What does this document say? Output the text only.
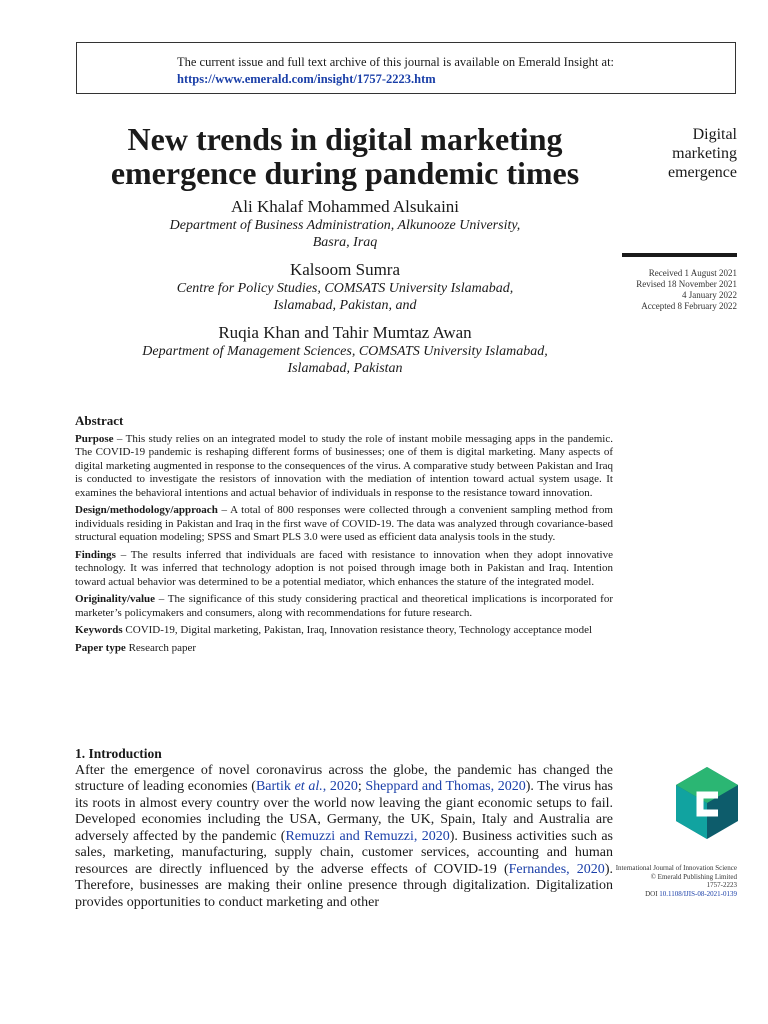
The current issue and full text archive of this journal is available on Emerald Insight at:
https://www.emerald.com/insight/1757-2223.htm
New trends in digital marketing
emergence during pandemic times
Digital
marketing
emergence
Received 1 August 2021
Revised 18 November 2021
4 January 2022
Accepted 8 February 2022
Ali Khalaf Mohammed Alsukaini
Department of Business Administration, Alkunooze University,
Basra, Iraq
Kalsoom Sumra
Centre for Policy Studies, COMSATS University Islamabad,
Islamabad, Pakistan, and
Ruqia Khan and Tahir Mumtaz Awan
Department of Management Sciences, COMSATS University Islamabad,
Islamabad, Pakistan
Abstract

Purpose – This study relies on an integrated model to study the role of instant mobile messaging apps in the pandemic. The COVID-19 pandemic is reshaping different forms of businesses; one of them is digital marketing. Many aspects of digital marketing augmented in response to the consequences of the virus. A comparative study between Pakistan and Iraq is conducted to investigate the resistors of innovation with the mediation of intention toward actual system usage. It examines the behavioral intentions and actual behavior of individuals in response to the resistance toward innovation.

Design/methodology/approach – A total of 800 responses were collected through a convenient sampling method from individuals residing in Pakistan and Iraq in the first wave of COVID-19. The data was analyzed through covariance-based structural equation modeling; SPSS and Smart PLS 3.0 were used as efficient data analysis tools in the study.

Findings – The results inferred that individuals are faced with resistance to innovation when they adopt innovative technology. It was inferred that technology adoption is not poised through image both in Pakistan and Iraq. Intention toward actual behavior was determined to be a potential mediator, which enhances the stature of the integrated model.

Originality/value – The significance of this study considering practical and theoretical implications is incorporated for marketer’s policymakers and consumers, along with recommendations for future research.

Keywords COVID-19, Digital marketing, Pakistan, Iraq, Innovation resistance theory, Technology acceptance model

Paper type Research paper

1. Introduction
After the emergence of novel coronavirus across the globe, the pandemic has changed the structure of leading economies (Bartik et al., 2020; Sheppard and Thomas, 2020). The virus has its roots in almost every country over the world now leaving the giant economic setups to fail. Developed economies including the USA, Germany, the UK, Spain, Italy and Australia are adversely affected by the pandemic (Remuzzi and Remuzzi, 2020). Business activities such as sales, marketing, manufacturing, supply chain, customer services, accounting and human resources are directly influenced by the adverse effects of COVID-19 (Fernandes, 2020). Therefore, businesses are making their online presence through digitalization. Digitalization provides opportunities to conduct marketing and other
International Journal of Innovation Science
© Emerald Publishing Limited
1757-2223
DOI 10.1108/IJIS-08-2021-0139
